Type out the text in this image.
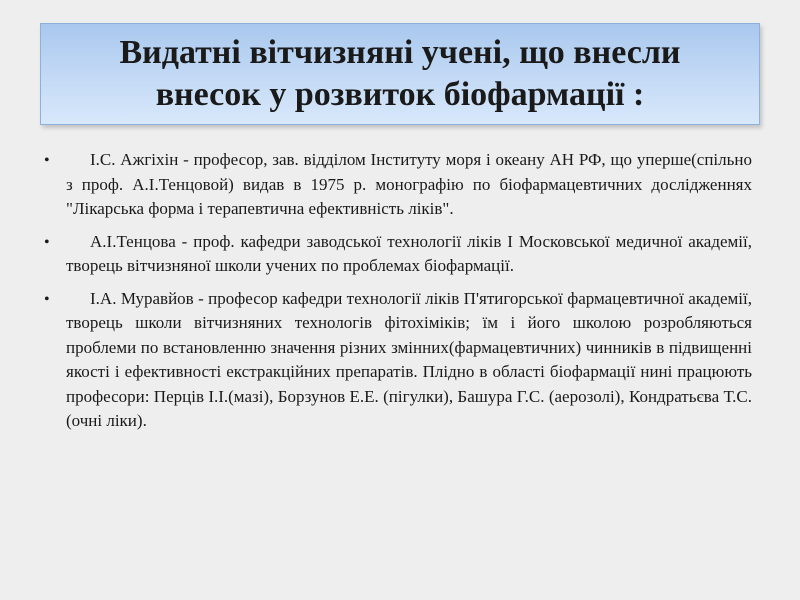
Видатні вітчизняні учені, що внесли
внесок у розвиток біофармації :
•	І.С. Ажгіхін - професор, зав. відділом Інституту моря і океану АН РФ, що уперше(спільно з проф. А.І.Тенцовой) видав в 1975 р. монографію по біофармацевтичних дослідженнях "Лікарська форма і терапевтична ефективність ліків".

•	А.І.Тенцова - проф. кафедри заводської технології ліків І Московської медичної академії, творець вітчизняної школи учених по проблемах біофармації.

•	І.А. Муравйов - професор кафедри технології ліків П'ятигорської фармацевтичної академії, творець школи вітчизняних технологів фітохіміків; їм і його школою розробляються проблеми по встановленню значення різних змінних(фармацевтичних) чинників в підвищенні якості і ефективності екстракційних препаратів. Плідно в області біофармації нині працюють професори: Перців І.І.(мазі), Борзунов Е.Е. (пігулки), Башура Г.С. (аерозолі), Кондратьєва Т.С. (очні ліки).
